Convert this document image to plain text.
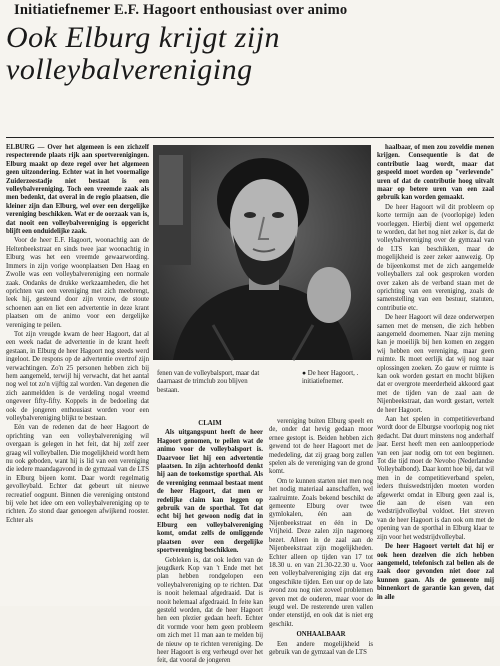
Initiatiefnemer E.F. Hagoort enthousiast over animo
Ook Elburg krijgt zijn
volleybalvereniging

ELBURG — Over het algemeen is een zichzelf respecterende plaats rijk aan sportverenigingen. Elburg maakt op deze regel over het algemeen geen uitzondering. Echter wat in het voormalige Zuiderzeestadje niet bestaat is een volleybalvereniging. Toch een vreemde zaak als men bedenkt, dat overal in de regio plaatsen, die kleiner zijn dan Elburg, wel over een dergelijke vereniging beschikken. Wat er de oorzaak van is, dat nooit een volleybalvereniging is opgericht blijft een onduidelijke zaak.

Voor de heer E.F. Hagoort, woonachtig aan de Heltenbeekstraat en sinds twee jaar woonachtig in Elburg was het een vreemde gewaarwording. Immers in zijn vorige woonplaatsen Den Haag en Zwolle was een volleybalvereniging een normale zaak. Ondanks de drukke werkzaamheden, die het oprichten van een vereniging met zich meebrengt, leek hij, gesteund door zijn vrouw, de stoute schoenen aan en liet een advertentie in deze krant plaatsen om de animo voor een dergelijke vereniging te peilen.

Tot zijn vreugde kwam de heer Hagoort, dat al een week nadat de advertentie in de krant heeft gestaan, in Elburg de heer Hagoort nog steeds werd ingeloot. De respons op de advertentie overtrof zijn verwachtingen. Zo'n 25 personen hebben zich bij hem aangemeld, terwijl hij verwacht, dat het aantal nog wel tot zo'n vijftig zal worden. Van degenen die zich aanmeldden is de verdeling nogal vreemd ongeveer fifty-fifty. Koppels in de bedoeling dat ook de jongeren enthousiast worden voor een volleybalvereniging blijkt te bestaan.

Eén van de redenen dat de heer Hagoort de oprichting van een volleybalvereniging wil overgaan is gelegen in het feit, dat hij zelf zeer graag wil volleyballen. Die mogelijkheid wordt hem nu ook geboden, want hij is lid van een vereniging die iedere maandagavond in de gymzaal van de LTS in Elburg bijeen komt. Daar wordt regelmatig gevolleybald. Echter dat gebeurt uit nieuwe recreatief oogpunt. Binnen die vereniging ontstond bij vele het idee om een volleybalvereniging op te richten. Zo stond daar genoegen afwijkend rooster. Echter als

fenen van de volleybalsport, maar dat daarnaast de trimclub zou blijven bestaan.
● De heer Hagoort, . initiatiefnemer.

CLAIM

Als uitgangspunt heeft de heer Hagoort genomen, te peilen wat de animo voor de volleybalsport is. Daarvoor liet hij een advertentie plaatsen. In zijn achterhoofd denkt hij aan de toekomstige sporthal. Als de vereniging eenmaal bestaat ment de heer Hagoort, dat men er redelijke claim kan leggen op gebruik van de sporthal. Tot dat echt bij het gewoon nodig dat in Elburg een volleybalvereniging komt, omdat zelfs de omliggende plaatsen over een dergelijke sportvereniging beschikken.

Gebleken is, dat ook leden van de jeugdkerk Kop van 't Ende met het plan hebben rondgelopen een volleybalvereniging op te richten. Dat is nooit helemaal afgedraaid. Dat is nooit helemaal afgedraaid. In feite kan gesteld worden, dat de heer Hagoort hen een plezier gedaan heeft. Echter dit vormde voor hem geen probleem om zich met 11 man aan te melden bij de nieuw op te richten vereniging. De heer Hagoort is erg verheugd over het feit, dat vooral de jongeren

vereniging buiten Elburg speelt en de, onder dat hevig gedaan moor ernee gestopt is. Beiden hebben zich gewend tot de heer Hagoort met de mededeling, dat zij graag borg zullen spelen als de vereniging van de grond komt.

Om te kunnen starten niet men nog het nodig materiaal aanschaffen, wel zaalruimte. Zoals bekend beschikt de gemeente Elburg over twee gymlokalen, één aan de Nijenbeekstraat en één in De Vrijheid. Deze zalen zijn nagenoeg bezet. Alleen in de zaal aan de Nijenbeekstraat zijn mogelijkheden. Echter alleen op tijden van 17 tot 18.30 u. en van 21.30-22.30 u. Voor een volleybalvereniging zijn dat erg ongeschikte tijden. Een uur op de late avond zou nog niet zoveel problemen geven met de ouderen, maar voor de jeugd wel. De resterende uren vallen onder etenstijd, en ook dat is niet erg geschikt.

ONHAALBAAR

Een andere mogelijkheid is gebruik van de gymzaal van de LTS

haalbaar, of men zou zoveldie menen krijgen. Consequentie is dat de contributie laag wordt, maar dat gespeeld moet worden op "verlevende" uren of dat de contributie hoog uitvalt maar op betere uren van een zaal gebruik kan worden gemaakt.

De heer Hagoort wil dit probleem op korte termijn aan de (voorlopige) leden voorleggen. Hierbij dient wel opgemerkt te worden, dat het nog niet zeker is, dat de volleybalvereniging over de gymzaal van de LTS kan beschikken, maar de mogelijkheid is zeer zeker aanwezig. Op de bijeenkomst met de zich aangemelde volleyballers zal ook gesproken worden over zaken als de verband staan met de oprichting van een vereniging, zoals de samenstelling van een bestuur, statuten, contributie etc.

De heer Hagoort wil deze onderwerpen samen met de mensen, die zich hebben aangemeld doornemen. Naar zijn mening kan je moeilijk bij hen komen en zeggen wij hebben een vereniging, maar geen ruimte. Ik moet eerlijk dat wij nog naar oplossingen zoeken. Zo gauw er ruimte is kan ook worden gestart en mocht blijken dat er overgrote meerderheid akkoord gaat met de tijden van de zaal aan de Nijenbeekstraat, dan wordt gestart, vertelt de heer Hagoort.

Aan het spelen in competitieverband wordt door de Elburgse voorlopig nog niet gedacht. Dat duurt minstens nog anderhalf jaar. Eerst heeft men een aanloopperiode van een jaar nodig om tot een beginnen. Tot die tijd moet de Nevobo (Nederlandse Volleybalbond). Daar komt hoe bij, dat wil men in de competitieverband spelen, ieders thuiswedstrijden moeten worden afgewerkt omdat in Elburg geen zaal is, die aan de eisen van een wedstrijdvolleybal voldoet. Het streven van de heer Hagoort is dan ook om met de opening van de sporthal in Elburg klaar te zijn voor het wedstrijdvolleybal.

De heer Hagoort vertelt dat hij er ook heen dezelven die zich hebben aangemeld, telefonisch zal bellen als de zaak door gevonden niet door zal kunnen gaan. Als de gemeente mij binnenkort de garantie kan geven, dat in alle
